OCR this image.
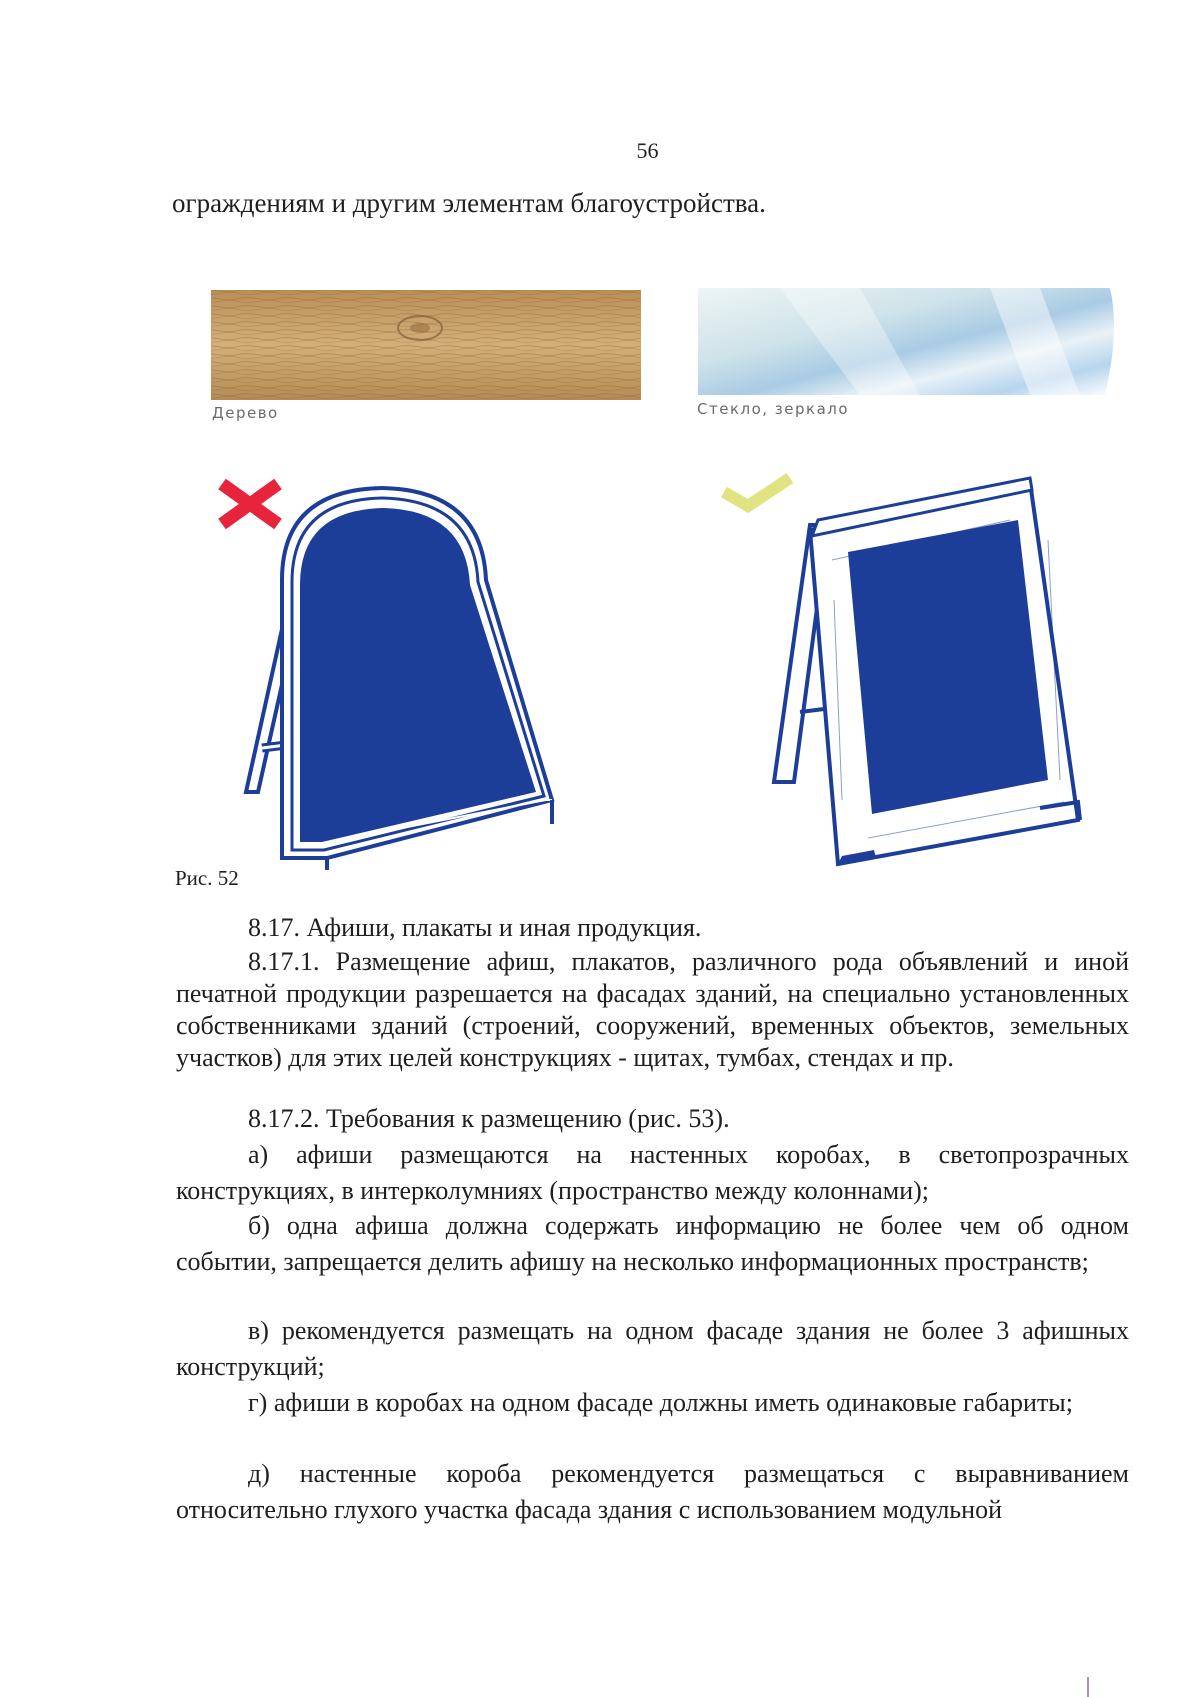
56
ограждениям и другим элементам благоустройства.
Дерево	Стекло, зеркало
Рис. 52
8.17. Афиши, плакаты и иная продукция.
8.17.1. Размещение афиш, плакатов, различного рода объявлений и иной печатной продукции разрешается на фасадах зданий, на специально установленных собственниками зданий (строений, сооружений, временных объектов, земельных участков) для этих целей конструкциях - щитах, тумбах, стендах и пр.
8.17.2. Требования к размещению (рис. 53).
а) афиши размещаются на настенных коробах, в светопрозрачных конструкциях, в интерколумниях (пространство между колоннами);
б) одна афиша должна содержать информацию не более чем об одном событии, запрещается делить афишу на несколько информационных пространств;
в) рекомендуется размещать на одном фасаде здания не более 3 афишных конструкций;
г) афиши в коробах на одном фасаде должны иметь одинаковые габариты;
д) настенные короба рекомендуется размещаться с выравниванием относительно глухого участка фасада здания с использованием модульной
